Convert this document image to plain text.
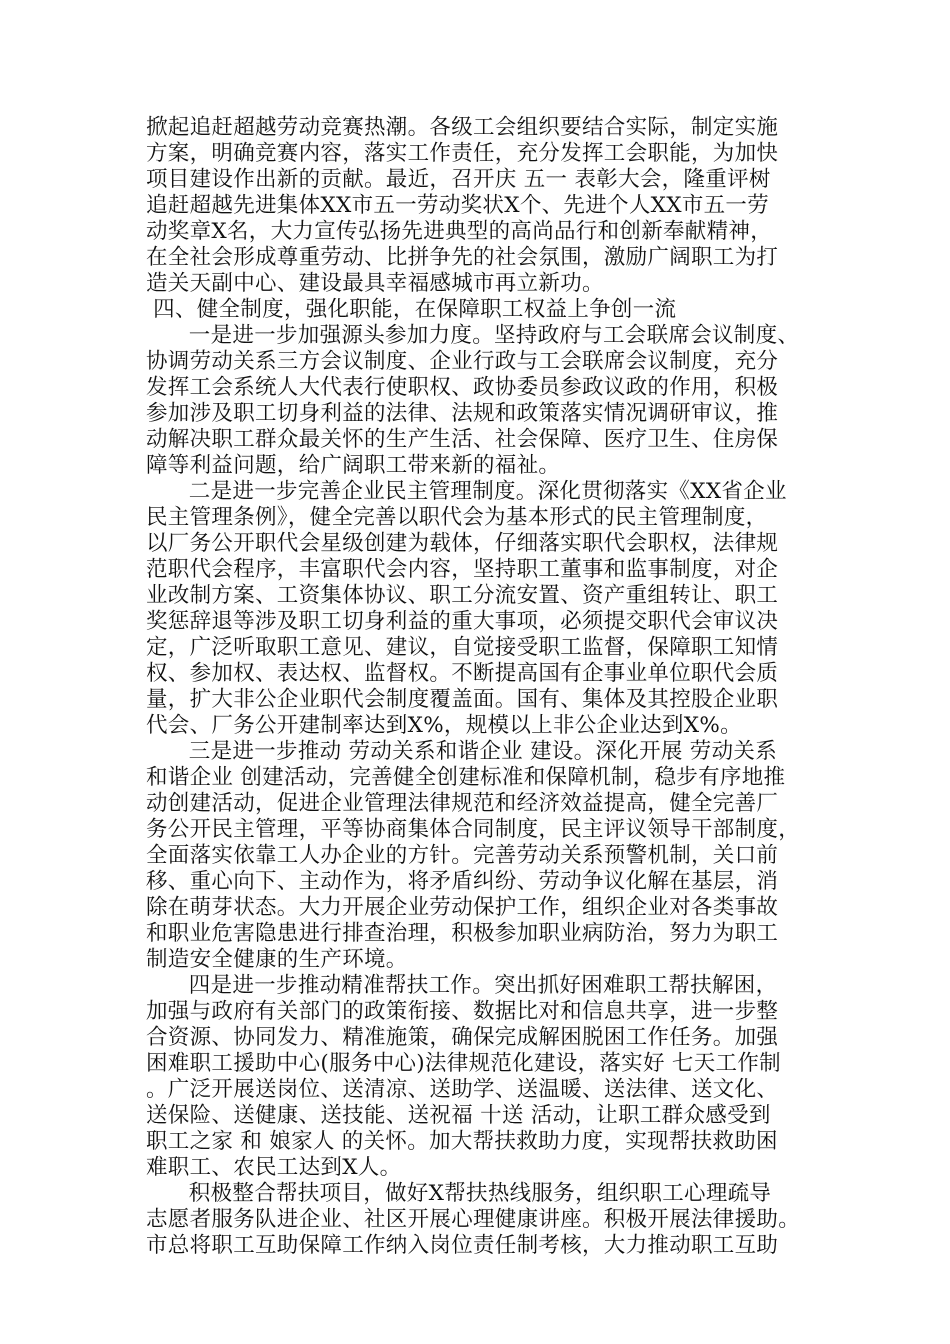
掀起追赶超越劳动竞赛热潮。各级工会组织要结合实际，制定实施
方案，明确竞赛内容，落实工作责任，充分发挥工会职能，为加快
项目建设作出新的贡献。最近，召开庆 五一 表彰大会，隆重评树
追赶超越先进集体XX市五一劳动奖状X个、先进个人XX市五一劳
动奖章X名，大力宣传弘扬先进典型的高尚品行和创新奉献精神，
在全社会形成尊重劳动、比拼争先的社会氛围，激励广阔职工为打
造关天副中心、建设最具幸福感城市再立新功。
四、健全制度，强化职能，在保障职工权益上争创一流
一是进一步加强源头参加力度。坚持政府与工会联席会议制度、
协调劳动关系三方会议制度、企业行政与工会联席会议制度，充分
发挥工会系统人大代表行使职权、政协委员参政议政的作用，积极
参加涉及职工切身利益的法律、法规和政策落实情况调研审议，推
动解决职工群众最关怀的生产生活、社会保障、医疗卫生、住房保
障等利益问题，给广阔职工带来新的福祉。
二是进一步完善企业民主管理制度。深化贯彻落实《XX省企业
民主管理条例》，健全完善以职代会为基本形式的民主管理制度，
以厂务公开职代会星级创建为载体，仔细落实职代会职权，法律规
范职代会程序，丰富职代会内容，坚持职工董事和监事制度，对企
业改制方案、工资集体协议、职工分流安置、资产重组转让、职工
奖惩辞退等涉及职工切身利益的重大事项，必须提交职代会审议决
定，广泛听取职工意见、建议，自觉接受职工监督，保障职工知情
权、参加权、表达权、监督权。不断提高国有企事业单位职代会质
量，扩大非公企业职代会制度覆盖面。国有、集体及其控股企业职
代会、厂务公开建制率达到X%，规模以上非公企业达到X%。
三是进一步推动 劳动关系和谐企业 建设。深化开展 劳动关系
和谐企业 创建活动，完善健全创建标准和保障机制，稳步有序地推
动创建活动，促进企业管理法律规范和经济效益提高，健全完善厂
务公开民主管理，平等协商集体合同制度，民主评议领导干部制度，
全面落实依靠工人办企业的方针。完善劳动关系预警机制，关口前
移、重心向下、主动作为，将矛盾纠纷、劳动争议化解在基层，消
除在萌芽状态。大力开展企业劳动保护工作，组织企业对各类事故
和职业危害隐患进行排查治理，积极参加职业病防治，努力为职工
制造安全健康的生产环境。
四是进一步推动精准帮扶工作。突出抓好困难职工帮扶解困，
加强与政府有关部门的政策衔接、数据比对和信息共享，进一步整
合资源、协同发力、精准施策，确保完成解困脱困工作任务。加强
困难职工援助中心(服务中心)法律规范化建设，落实好 七天工作制
。广泛开展送岗位、送清凉、送助学、送温暖、送法律、送文化、
送保险、送健康、送技能、送祝福 十送 活动，让职工群众感受到
职工之家 和 娘家人 的关怀。加大帮扶救助力度，实现帮扶救助困
难职工、农民工达到X人。
积极整合帮扶项目，做好X帮扶热线服务，组织职工心理疏导
志愿者服务队进企业、社区开展心理健康讲座。积极开展法律援助。
市总将职工互助保障工作纳入岗位责任制考核，大力推动职工互助
